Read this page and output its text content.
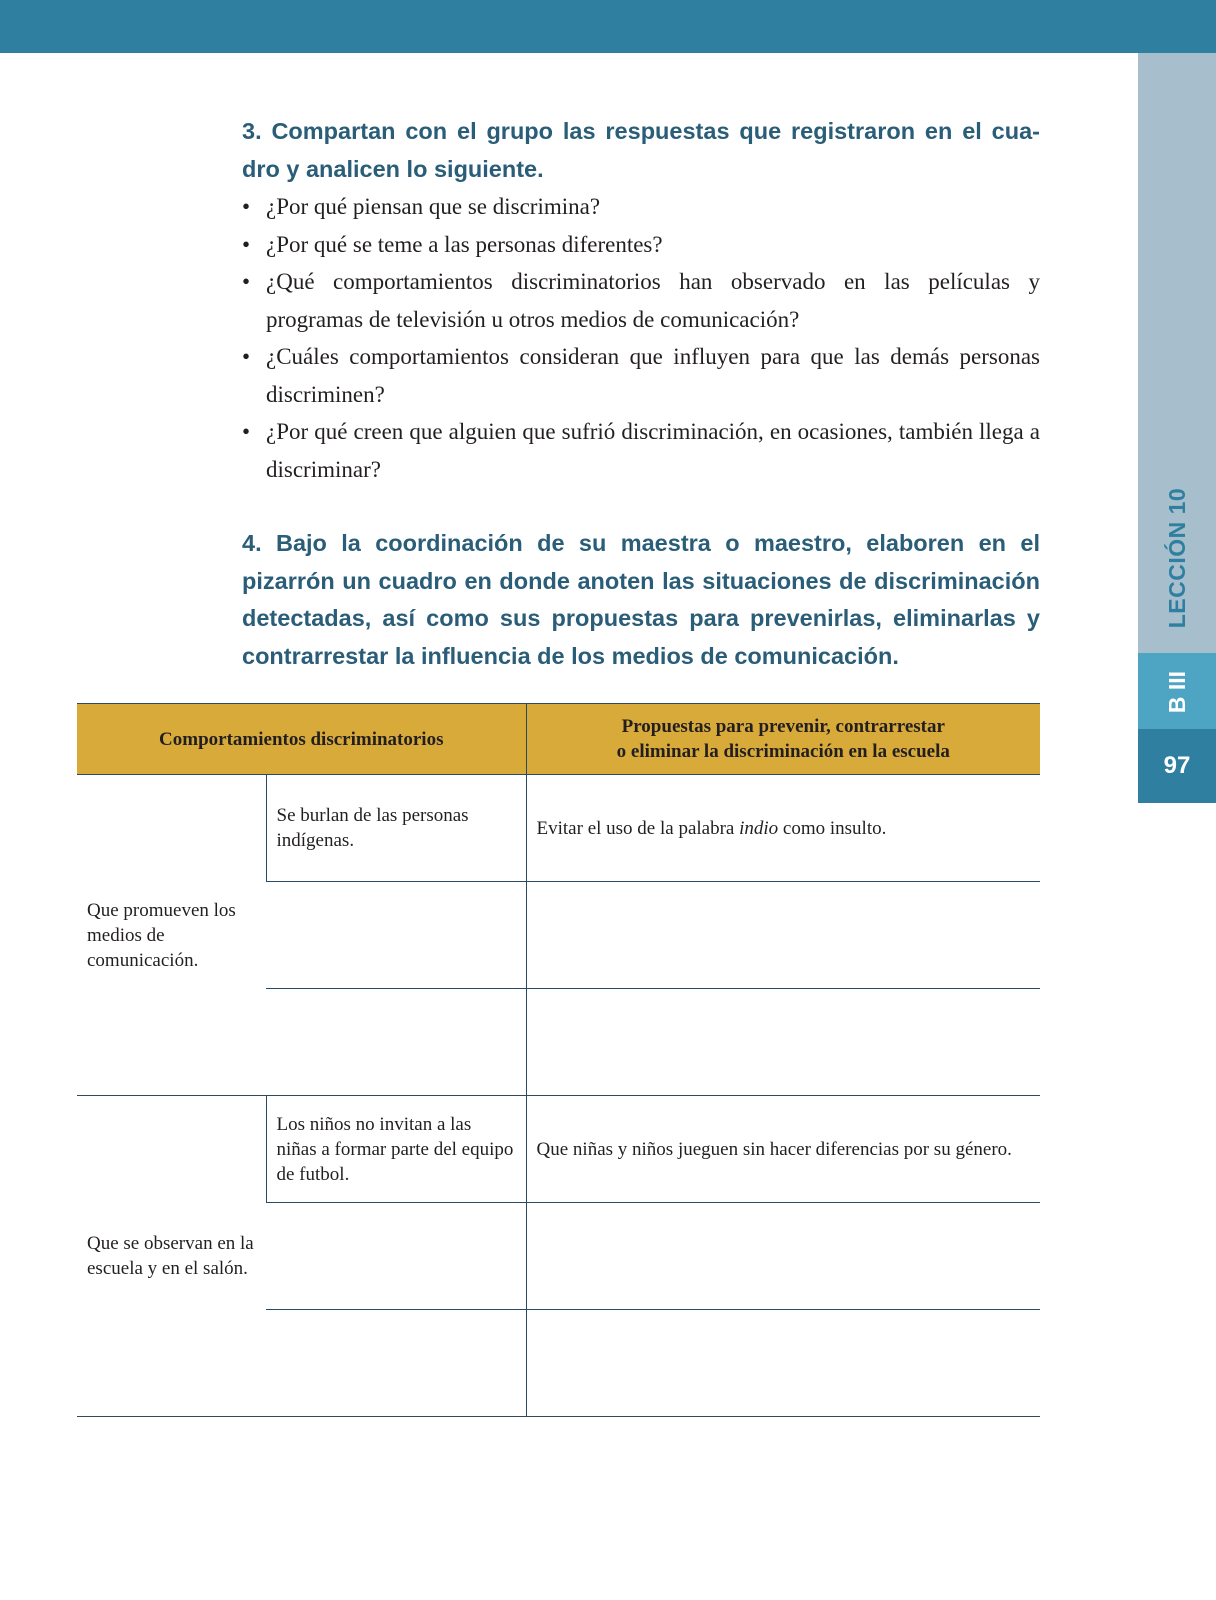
LECCIÓN 10
B III
97

3. Compartan con el grupo las respuestas que registraron en el cua-dro y analicen lo siguiente.

• ¿Por qué piensan que se discrimina?
• ¿Por qué se teme a las personas diferentes?
• ¿Qué comportamientos discriminatorios han observado en las películas y programas de televisión u otros medios de comunicación?
• ¿Cuáles comportamientos consideran que influyen para que las demás personas discriminen?
• ¿Por qué creen que alguien que sufrió discriminación, en ocasiones, también llega a discriminar?

4. Bajo la coordinación de su maestra o maestro, elaboren en el pizarrón un cuadro en donde anoten las situaciones de discriminación detectadas, así como sus propuestas para prevenirlas, eliminarlas y contrarrestar la influencia de los medios de comunicación.

Comportamientos discriminatorios		Propuestas para prevenir, contrarrestar
o eliminar la discriminación en la escuela
Que promueven los medios de comunicación.	Se burlan de las personas indígenas.	Evitar el uso de la palabra indio como insulto.

Que se observan en la escuela y en el salón.	Los niños no invitan a las niñas a formar parte del equipo de futbol.	Que niñas y niños jueguen sin hacer diferencias por su género.
